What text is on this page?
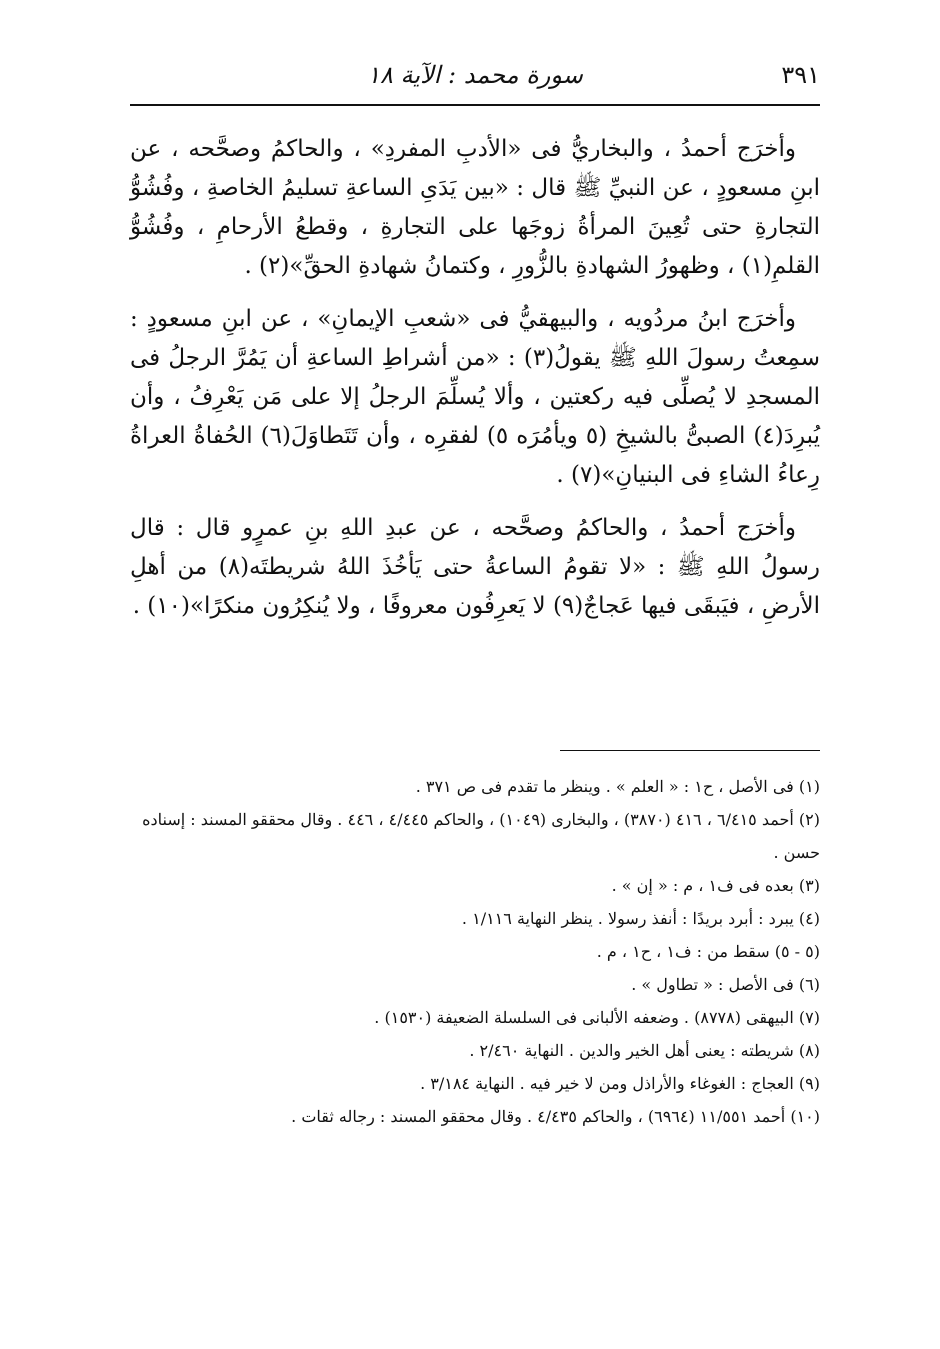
٣٩١
سورة محمد : الآية ١٨

وأخرَج أحمدُ ، والبخاريُّ فى «الأدبِ المفردِ» ، والحاكمُ وصحَّحه ، عن ابنِ مسعودٍ ، عن النبيِّ ﷺ قال : «بين يَدَىِ الساعةِ تسليمُ الخاصةِ ، وفُشُوُّ التجارةِ حتى تُعِينَ المرأةُ زوجَها على التجارةِ ، وقطعُ الأرحامِ ، وفُشُوُّ القلمِ(١) ، وظهورُ الشهادةِ بالزُّورِ ، وكتمانُ شهادةِ الحقِّ»(٢) .

وأخرَج ابنُ مردُويه ، والبيهقيُّ فى «شعبِ الإيمانِ» ، عن ابنِ مسعودٍ : سمِعتُ رسولَ اللهِ ﷺ يقولُ(٣) : «من أشراطِ الساعةِ أن يَمُرَّ الرجلُ فى المسجدِ لا يُصلِّى فيه ركعتين ، وألا يُسلِّمَ الرجلُ إلا على مَن يَعْرِفُ ، وأن يُبرِدَ(٤) الصبىُّ بالشيخِ (٥ ويأمُرَه ٥) لفقرِه ، وأن تَتَطاوَلَ(٦) الحُفاةُ العراةُ رِعاءُ الشاءِ فى البنيانِ»(٧) .

وأخرَج أحمدُ ، والحاكمُ وصحَّحه ، عن عبدِ اللهِ بنِ عمرٍو قال : قال رسولُ اللهِ ﷺ : «لا تقومُ الساعةُ حتى يَأخُذَ اللهُ شريطتَه(٨) من أهلِ الأرضِ ، فيَبقَى فيها عَجاجٌ(٩) لا يَعرِفُون معروفًا ، ولا يُنكِرُون منكرًا»(١٠) .

(١) فى الأصل ، ح١ : « العلم » . وينظر ما تقدم فى ص ٣٧١ .
(٢) أحمد ٦/٤١٥ ، ٤١٦ (٣٨٧٠) ، والبخارى (١٠٤٩) ، والحاكم ٤/٤٤٥ ، ٤٤٦ . وقال محققو المسند : إسناده حسن .
(٣) بعده فى ف١ ، م : « إن » .
(٤) يبرد : أبرد بريدًا : أنفذ رسولا . ينظر النهاية ١/١١٦ .
(٥ - ٥) سقط من : ف١ ، ح١ ، م .
(٦) فى الأصل : « تطاول » .
(٧) البيهقى (٨٧٧٨) . وضعفه الألبانى فى السلسلة الضعيفة (١٥٣٠) .
(٨) شريطته : يعنى أهل الخير والدين . النهاية ٢/٤٦٠ .
(٩) العجاج : الغوغاء والأراذل ومن لا خير فيه . النهاية ٣/١٨٤ .
(١٠) أحمد ١١/٥٥١ (٦٩٦٤) ، والحاكم ٤/٤٣٥ . وقال محققو المسند : رجاله ثقات .
